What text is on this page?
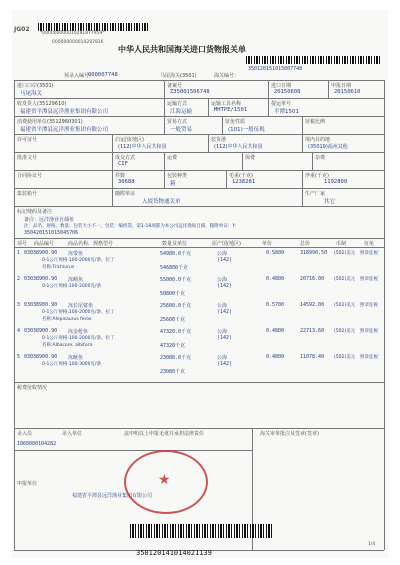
JG02
*000000000010281877959*
000000000010287816
中华人民共和国海关进口货物报关单
350120151015007748
预录入编号：
000007748	马尾海关(3501)	海关编号：
进口口岸(3501)
马尾海关
备案号
Z35001506748
进口日期
20150608
申报日期
20150610
收发货人(35129610)
福建省平潭县远洋渔业集团有限公司
运输方式
江海运输
运输工具名称
MHTPE/1501
提运单号
平潭1501
消费使用单位(3512960301)
福建省平潭县远洋渔业集团有限公司
贸易方式
一般贸易
征免性质
(101)一般征税
征税比例
许可证号	启运国(地区)
(112)中华人民共和国
装货港
(112)中华人民共和国
境内目的地
(35019)福州其他
批准文号	成交方式
CIF
运费	保费	杂费
合同协议号	件数
30688
包装种类
箱
毛重(千克)
1238281
净重(千克)
1192800
集装箱号	随附单证
入境货物通关单
生产厂家
其它
标记唛码及备注
备注：远洋渔业自捕鱼
注：品名、规格、数量、包装大小不一，包装：编织袋，第1-18项都为本公司远洋渔船自捕，随附单证：Y:
350420151015045706
项号 商品编号	商品名称、规格型号	数量及单位	原产国(地区)	单价	总价	币制	征免
1 03038900.90 冻带鱼
0-1公斤规格:100-2000克/条、拉丁
名称:Trichiurus
54980.0千克
546800千克
公海
(142)
0.5800	318990.50 (502)美元 照章征税
2 03038900.90 冻鲭鱼
0-1公斤规格:100-2000克/条
55000.0千克
50800千克
公海
(142)
0.4800	20716.00 (502)美元 照章征税
3 03038900.90 冻长尾鲨鱼
0-1公斤规格:100-2000克/条、拉丁
名称:Alepisaurus ferox
25600.0千克
25600千克
公海
(142)
0.5700	14592.00 (502)美元 照章征税
4 03038900.90 冻金枪鱼
0-1公斤规格:100-2000克/条、拉丁
名称:Albacore, albifora
47320.0千克
47320千克
公海
(142)
0.4800	22713.60 (502)美元 照章征税
5 03038900.90 冻鱿鱼
0-1公斤规格:100-3000克/条
23080.0千克
23080千克
公海
(142)
0.4800	11078.40 (502)美元 照章征税
税费征收情况
录入员	录入单位	兹申明以上申报无讹并承担法律责任	海关审单批注及签章(签章)
1060080104282
申报单位
福建省平潭县远洋渔业集团有限公司
★
1/4
350120141014021139
